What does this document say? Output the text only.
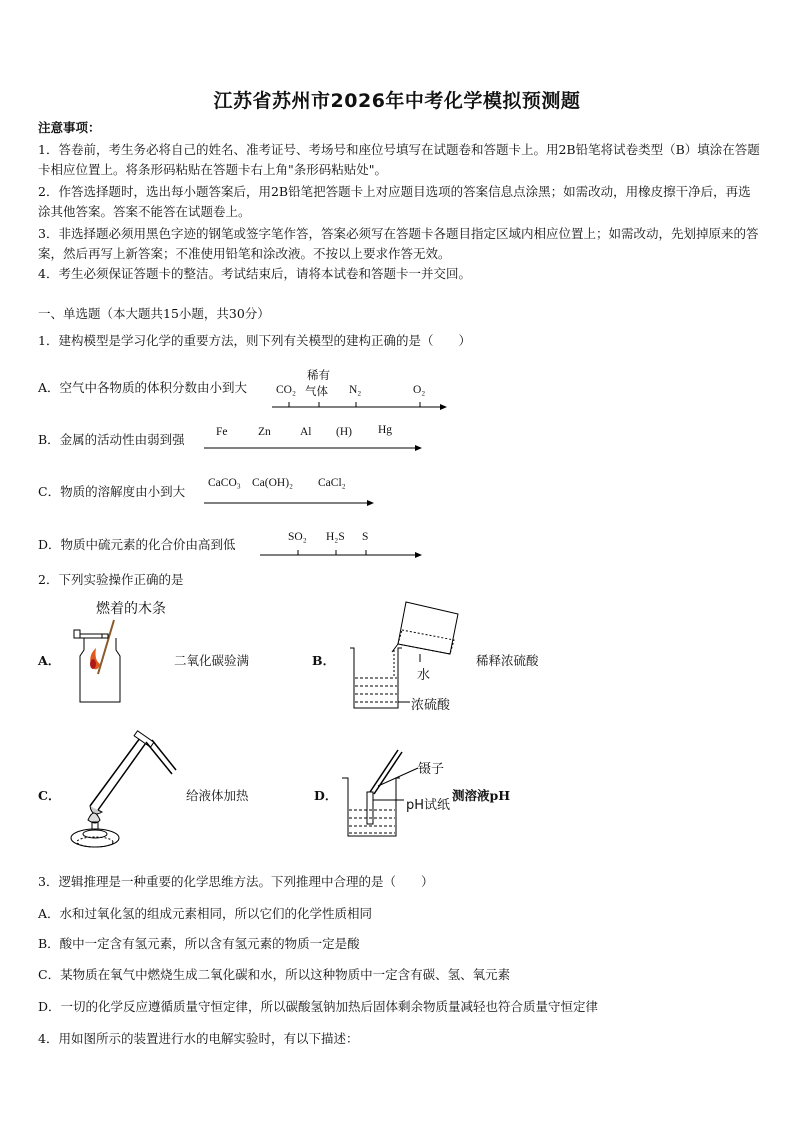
江苏省苏州市2026年中考化学模拟预测题
注意事项：
1．答卷前，考生务必将自己的姓名、准考证号、考场号和座位号填写在试题卷和答题卡上。用2B铅笔将试卷类型（B）填涂在答题卡相应位置上。将条形码粘贴在答题卡右上角"条形码粘贴处"。
2．作答选择题时，选出每小题答案后，用2B铅笔把答题卡上对应题目选项的答案信息点涂黑；如需改动，用橡皮擦干净后，再选涂其他答案。答案不能答在试题卷上。
3．非选择题必须用黑色字迹的钢笔或签字笔作答，答案必须写在答题卡各题目指定区域内相应位置上；如需改动，先划掉原来的答案，然后再写上新答案；不准使用铅笔和涂改液。不按以上要求作答无效。
4．考生必须保证答题卡的整洁。考试结束后，请将本试卷和答题卡一并交回。
一、单选题（本大题共15小题，共30分）
1．建构模型是学习化学的重要方法，则下列有关模型的建构正确的是（　　）
A．空气中各物质的体积分数由小到大	CO₂
稀有
气体 N₂	O₂
B．金属的活动性由弱到强	Fe	Zn	Al (H) Hg
C．物质的溶解度由小到大
CaCO₃ Ca(OH)₂ CaCl₂
D．物质中硫元素的化合价由高到低	SO₂ H₂S S
2．下列实验操作正确的是
燃着的木条
A．	二氧化碳验满
水
浓硫酸
B．	稀释浓硫酸
C．	给液体加热
镊子
pH试纸
D．	测溶液pH
3．逻辑推理是一种重要的化学思维方法。下列推理中合理的是（　　）
A．水和过氧化氢的组成元素相同，所以它们的化学性质相同
B．酸中一定含有氢元素，所以含有氢元素的物质一定是酸
C．某物质在氧气中燃烧生成二氧化碳和水，所以这种物质中一定含有碳、氢、氧元素
D．一切的化学反应遵循质量守恒定律，所以碳酸氢钠加热后固体剩余物质量减轻也符合质量守恒定律
4．用如图所示的装置进行水的电解实验时，有以下描述：
